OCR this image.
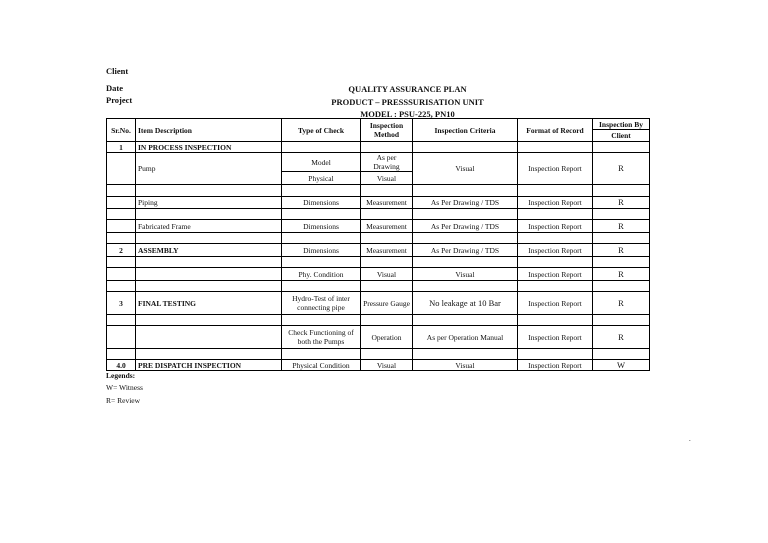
Client
Date
Project
QUALITY ASSURANCE PLAN
PRODUCT – PRESSSURISATION UNIT
MODEL : PSU-225, PN10
Sr.No.	Item Description	Type of Check	Inspection Method	Inspection Criteria	Format of Record	Inspection By
						Client
1	IN PROCESS INSPECTION					
	Pump	Model	As per Drawing	Visual	Inspection Report	R
		Physical	Visual			

	Piping	Dimensions	Measurement	As Per Drawing / TDS	Inspection Report	R

	Fabricated Frame	Dimensions	Measurement	As Per Drawing / TDS	Inspection Report	R

2	ASSEMBLY	Dimensions	Measurement	As Per Drawing / TDS	Inspection Report	R

		Phy. Condition	Visual	Visual	Inspection Report	R

3	FINAL TESTING	Hydro-Test of inter connecting pipe	Pressure Gauge	No leakage at 10 Bar	Inspection Report	R

		Check Functioning of both the Pumps	Operation	As per Operation Manual	Inspection Report	R

4.0	PRE DISPATCH INSPECTION	Physical Condition	Visual	Visual	Inspection Report	W
Legends:
W= Witness
R= Review
.
